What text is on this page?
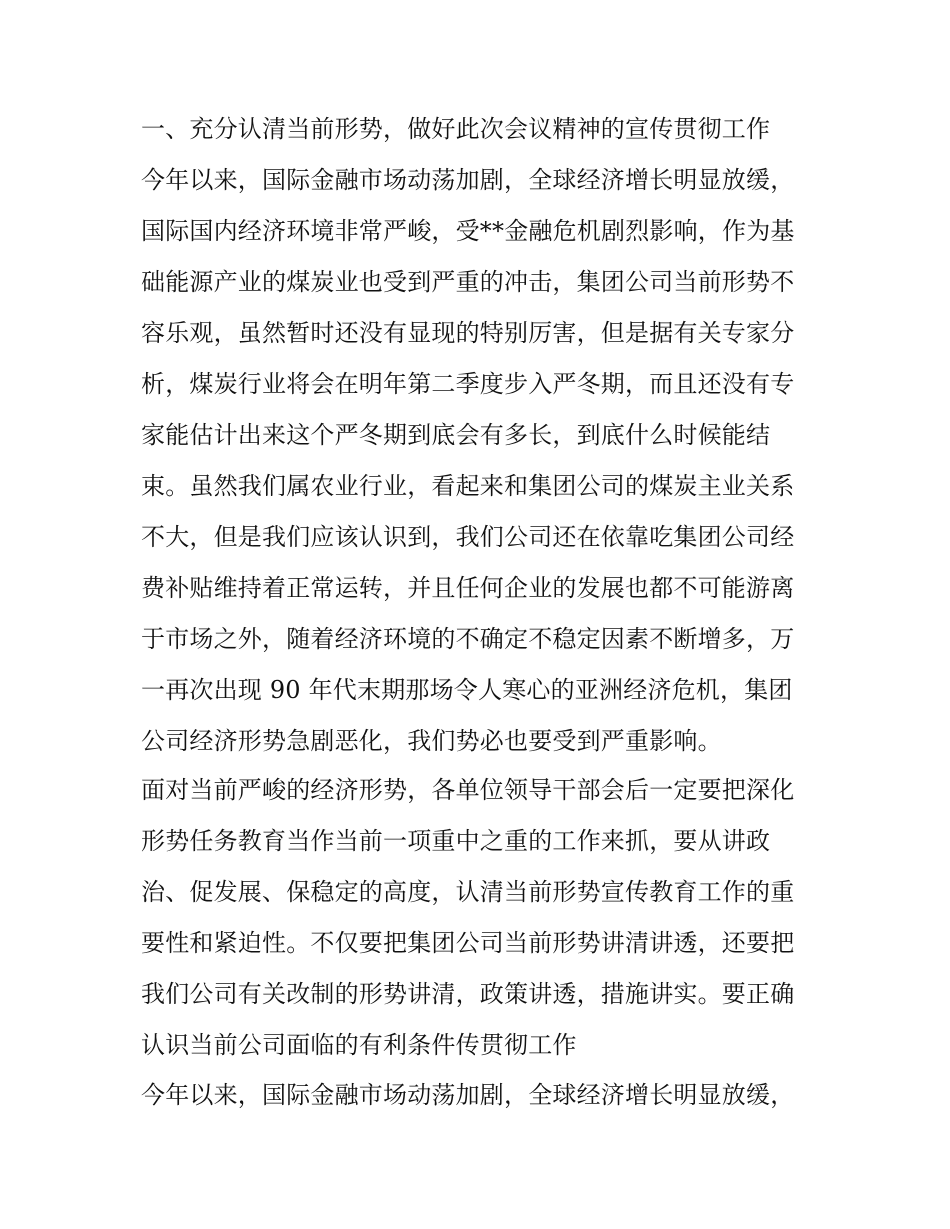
一、充分认清当前形势，做好此次会议精神的宣传贯彻工作
今年以来，国际金融市场动荡加剧，全球经济增长明显放缓，
国际国内经济环境非常严峻，受**金融危机剧烈影响，作为基
础能源产业的煤炭业也受到严重的冲击，集团公司当前形势不
容乐观，虽然暂时还没有显现的特别厉害，但是据有关专家分
析，煤炭行业将会在明年第二季度步入严冬期，而且还没有专
家能估计出来这个严冬期到底会有多长，到底什么时候能结
束。虽然我们属农业行业，看起来和集团公司的煤炭主业关系
不大，但是我们应该认识到，我们公司还在依靠吃集团公司经
费补贴维持着正常运转，并且任何企业的发展也都不可能游离
于市场之外，随着经济环境的不确定不稳定因素不断增多，万
一再次出现 90 年代末期那场令人寒心的亚洲经济危机，集团
公司经济形势急剧恶化，我们势必也要受到严重影响。
面对当前严峻的经济形势，各单位领导干部会后一定要把深化
形势任务教育当作当前一项重中之重的工作来抓，要从讲政
治、促发展、保稳定的高度，认清当前形势宣传教育工作的重
要性和紧迫性。不仅要把集团公司当前形势讲清讲透，还要把
我们公司有关改制的形势讲清，政策讲透，措施讲实。要正确
认识当前公司面临的有利条件传贯彻工作
今年以来，国际金融市场动荡加剧，全球经济增长明显放缓，
